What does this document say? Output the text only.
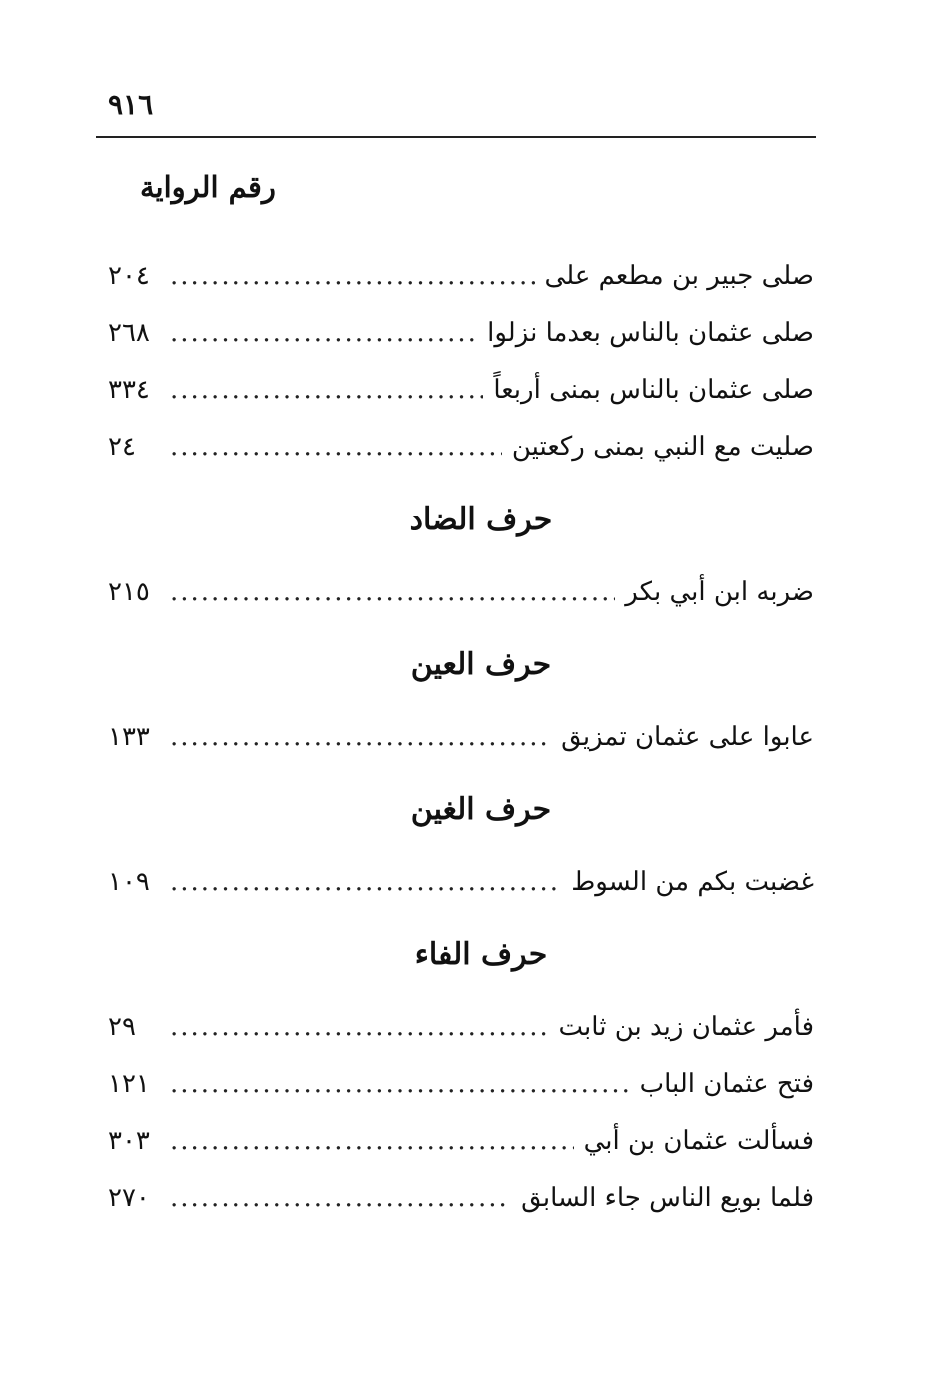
٩١٦
رقم الرواية
صلى جبير بن مطعم على
.....
٢٠٤
صلى عثمان بالناس بعدما نزلوا
.....
٢٦٨
صلى عثمان بالناس بمنى أربعاً
.....
٣٣٤
صليت مع النبي بمنى ركعتين
.....
٢٤
حرف الضاد
ضربه ابن أبي بكر
.....
٢١٥
حرف العين
عابوا على عثمان تمزيق
.....
١٣٣
حرف الغين
غضبت بكم من السوط
.....
١٠٩
حرف الفاء
فأمر عثمان زيد بن ثابت
.....
٢٩
فتح عثمان الباب
.....
١٢١
فسألت عثمان بن أبي
.....
٣٠٣
فلما بويع الناس جاء السابق
.....
٢٧٠
